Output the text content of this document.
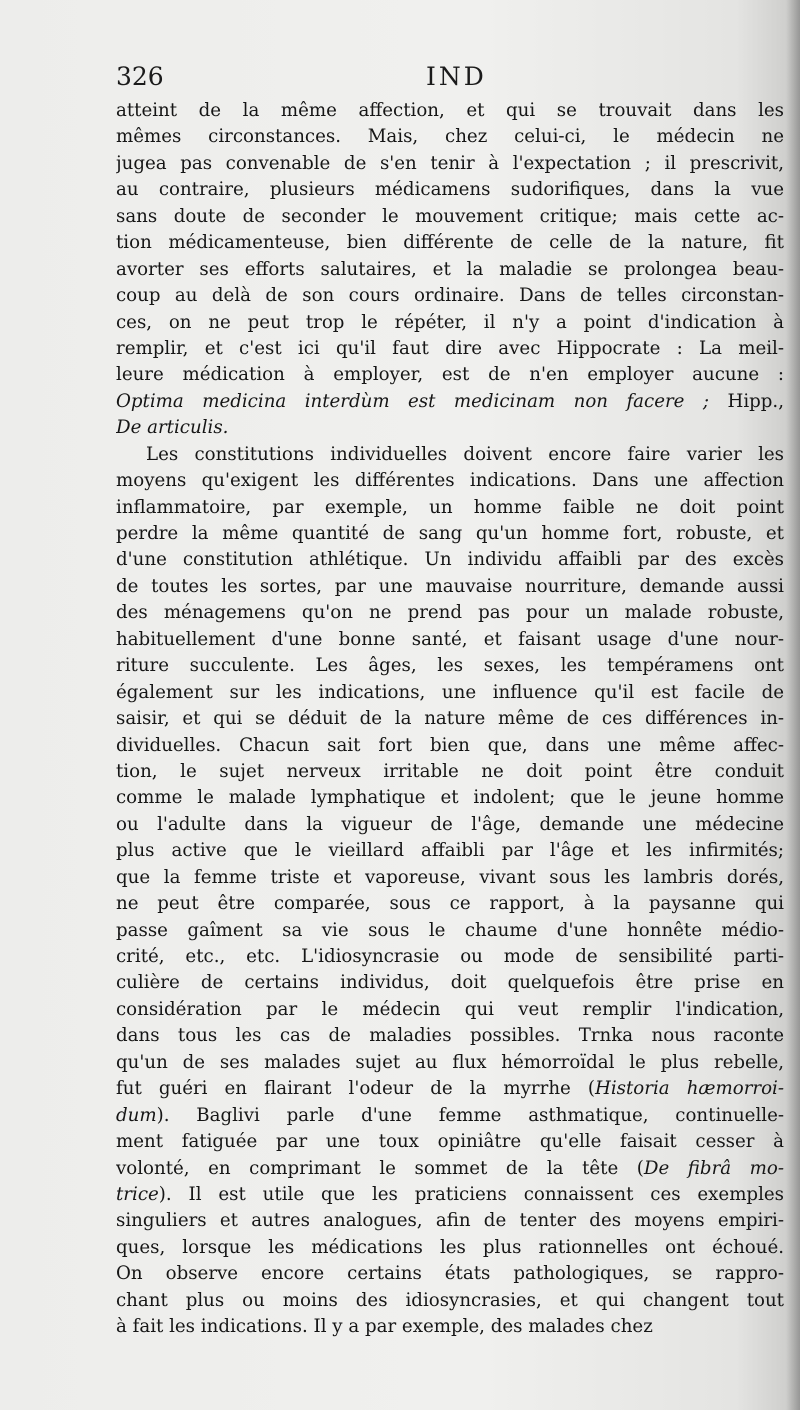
326	IND
atteint de la même affection, et qui se trouvait dans les
mêmes circonstances. Mais, chez celui-ci, le médecin ne
jugea pas convenable de s'en tenir à l'expectation ; il prescrivit,
au contraire, plusieurs médicamens sudorifiques, dans la vue
sans doute de seconder le mouvement critique; mais cette ac-
tion médicamenteuse, bien différente de celle de la nature, fit
avorter ses efforts salutaires, et la maladie se prolongea beau-
coup au delà de son cours ordinaire. Dans de telles circonstan-
ces, on ne peut trop le répéter, il n'y a point d'indication à
remplir, et c'est ici qu'il faut dire avec Hippocrate : La meil-
leure médication à employer, est de n'en employer aucune :
Optima medicina interdùm est medicinam non facere ; Hipp.,
De articulis.
Les constitutions individuelles doivent encore faire varier les
moyens qu'exigent les différentes indications. Dans une affection
inflammatoire, par exemple, un homme faible ne doit point
perdre la même quantité de sang qu'un homme fort, robuste, et
d'une constitution athlétique. Un individu affaibli par des excès
de toutes les sortes, par une mauvaise nourriture, demande aussi
des ménagemens qu'on ne prend pas pour un malade robuste,
habituellement d'une bonne santé, et faisant usage d'une nour-
riture succulente. Les âges, les sexes, les tempéramens ont
également sur les indications, une influence qu'il est facile de
saisir, et qui se déduit de la nature même de ces différences in-
dividuelles. Chacun sait fort bien que, dans une même affec-
tion, le sujet nerveux irritable ne doit point être conduit
comme le malade lymphatique et indolent; que le jeune homme
ou l'adulte dans la vigueur de l'âge, demande une médecine
plus active que le vieillard affaibli par l'âge et les infirmités;
que la femme triste et vaporeuse, vivant sous les lambris dorés,
ne peut être comparée, sous ce rapport, à la paysanne qui
passe gaîment sa vie sous le chaume d'une honnête médio-
crité, etc., etc. L'idiosyncrasie ou mode de sensibilité parti-
culière de certains individus, doit quelquefois être prise en
considération par le médecin qui veut remplir l'indication,
dans tous les cas de maladies possibles. Trnka nous raconte
qu'un de ses malades sujet au flux hémorroïdal le plus rebelle,
fut guéri en flairant l'odeur de la myrrhe (Historia hæmorroi-
dum). Baglivi parle d'une femme asthmatique, continuelle-
ment fatiguée par une toux opiniâtre qu'elle faisait cesser à
volonté, en comprimant le sommet de la tête (De fibrâ mo-
trice). Il est utile que les praticiens connaissent ces exemples
singuliers et autres analogues, afin de tenter des moyens empiri-
ques, lorsque les médications les plus rationnelles ont échoué.
On observe encore certains états pathologiques, se rappro-
chant plus ou moins des idiosyncrasies, et qui changent tout
à fait les indications. Il y a par exemple, des malades chez
